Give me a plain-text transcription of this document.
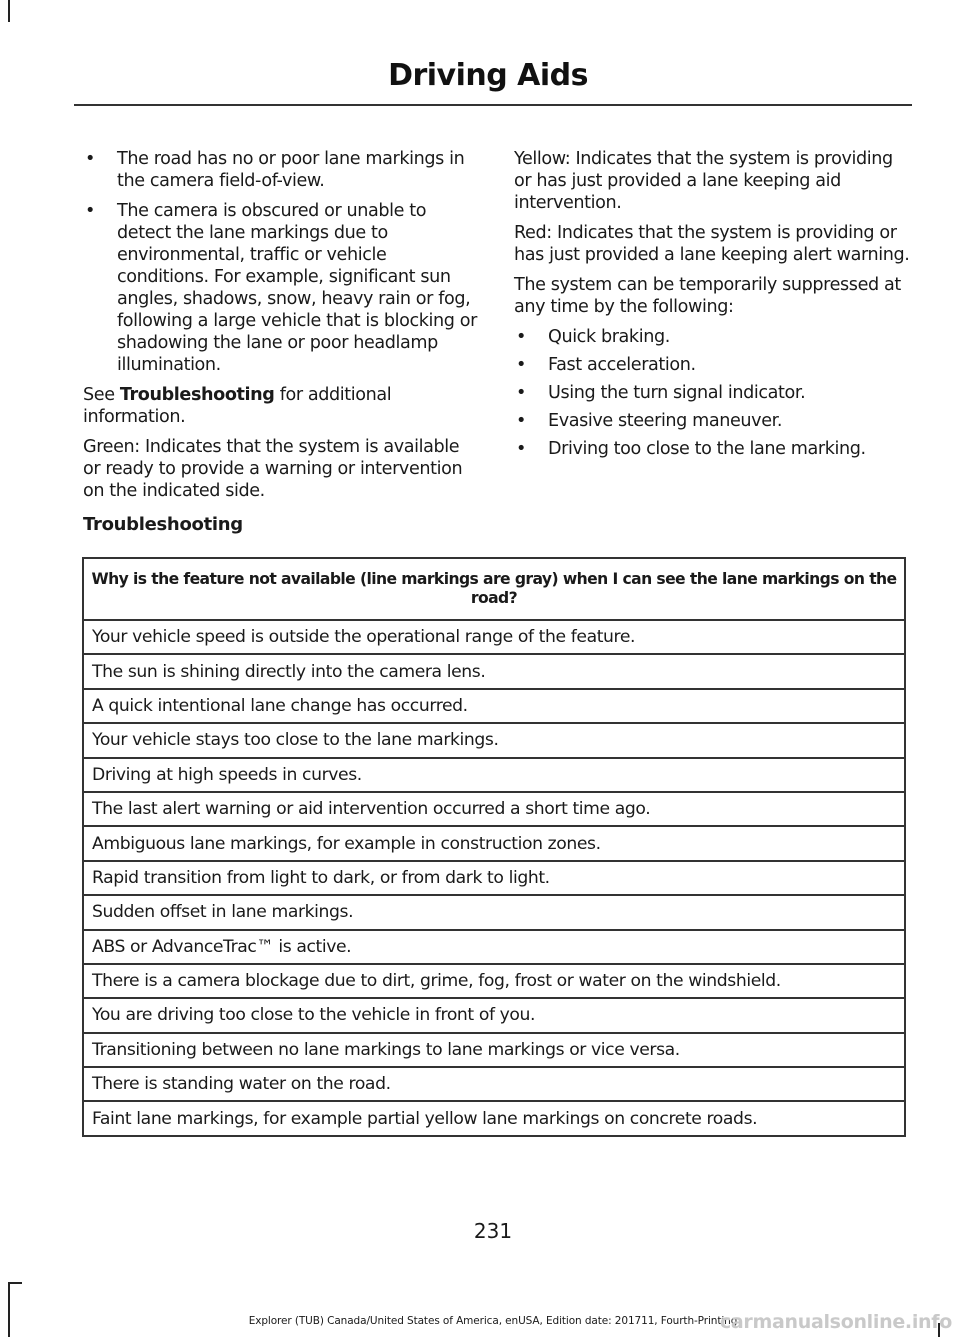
Driving Aids
• The road has no or poor lane markings in the camera field-of-view.
• The camera is obscured or unable to detect the lane markings due to environmental, traffic or vehicle conditions. For example, significant sun angles, shadows, snow, heavy rain or fog, following a large vehicle that is blocking or shadowing the lane or poor headlamp illumination.

See Troubleshooting for additional information.

Green: Indicates that the system is available or ready to provide a warning or intervention on the indicated side.

Yellow: Indicates that the system is providing or has just provided a lane keeping aid intervention.

Red: Indicates that the system is providing or has just provided a lane keeping alert warning.

The system can be temporarily suppressed at any time by the following:

• Quick braking.
• Fast acceleration.
• Using the turn signal indicator.
• Evasive steering maneuver.
• Driving too close to the lane marking.
Troubleshooting
Why is the feature not available (line markings are gray) when I can see the lane markings on the road?
Your vehicle speed is outside the operational range of the feature.
The sun is shining directly into the camera lens.
A quick intentional lane change has occurred.
Your vehicle stays too close to the lane markings.
Driving at high speeds in curves.
The last alert warning or aid intervention occurred a short time ago.
Ambiguous lane markings, for example in construction zones.
Rapid transition from light to dark, or from dark to light.
Sudden offset in lane markings.
ABS or AdvanceTrac™ is active.
There is a camera blockage due to dirt, grime, fog, frost or water on the windshield.
You are driving too close to the vehicle in front of you.
Transitioning between no lane markings to lane markings or vice versa.
There is standing water on the road.
Faint lane markings, for example partial yellow lane markings on concrete roads.
231
Explorer (TUB) Canada/United States of America, enUSA, Edition date: 201711, Fourth-Printing
carmanualsonline.info
